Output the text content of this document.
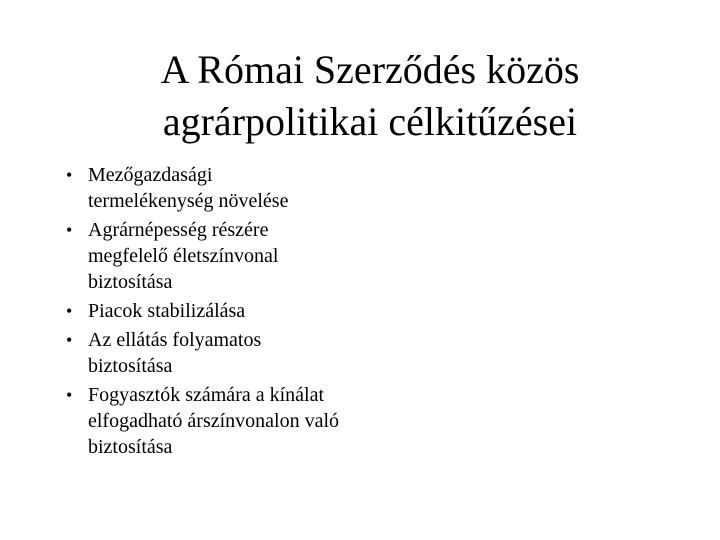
A Római Szerződés közös
agrárpolitikai célkitűzései
• Mezőgazdasági
termelékenység növelése
• Agrárnépesség részére
megfelelő életszínvonal
biztosítása
• Piacok stabilizálása
• Az ellátás folyamatos
biztosítása
• Fogyasztók számára a kínálat
elfogadható árszínvonalon való
biztosítása
